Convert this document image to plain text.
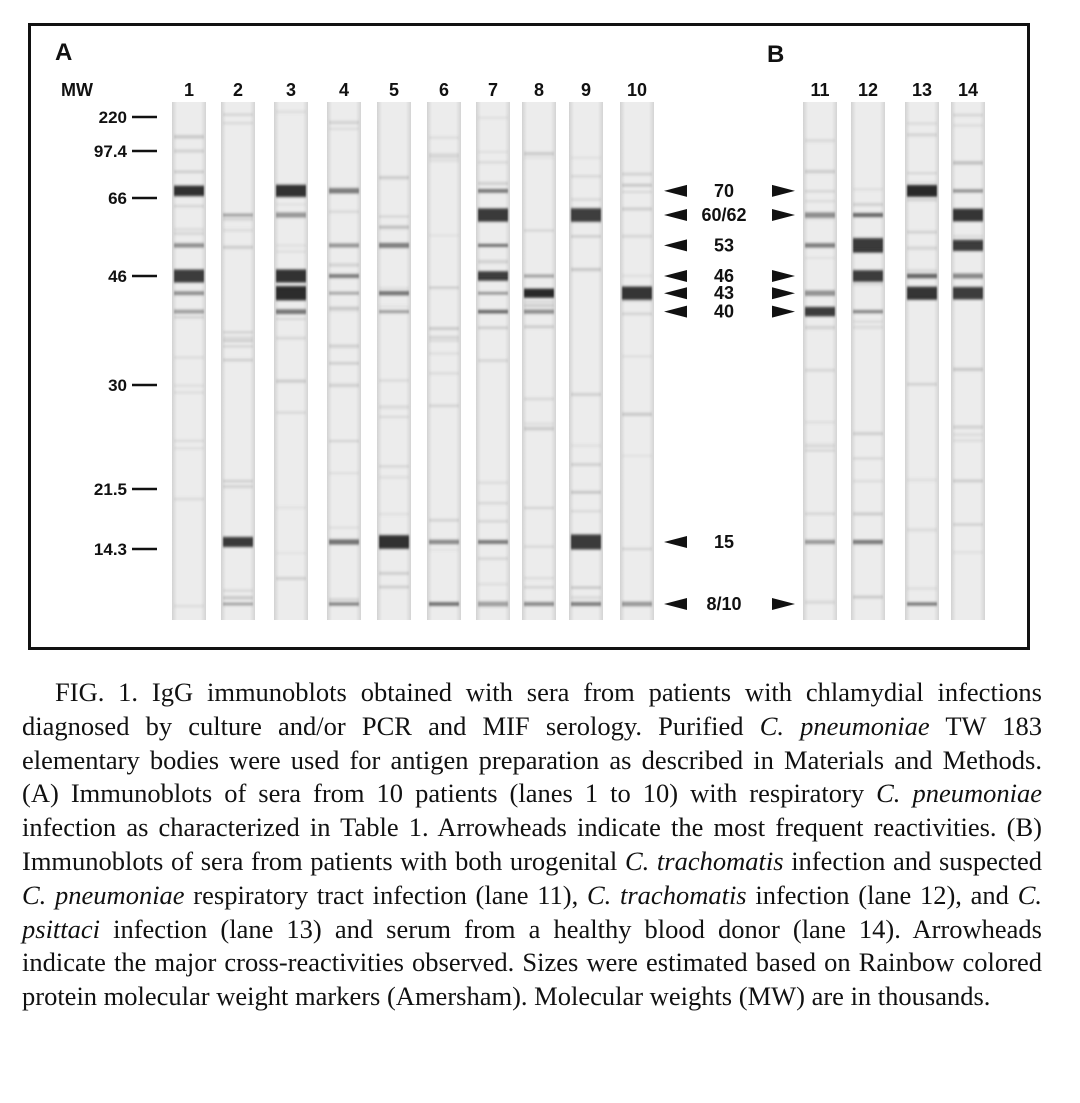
A	B
MW	1 2 3 4 5 6 7 8 9 10	11 12 13 14
220
97.4
66
46
30
21.5
14.3
70
60/62
53
46
43
40
15
8/10

FIG. 1. IgG immunoblots obtained with sera from patients with chlamydial infections diagnosed by culture and/or PCR and MIF serology. Purified C. pneumoniae TW 183 elementary bodies were used for antigen preparation as described in Materials and Methods. (A) Immunoblots of sera from 10 patients (lanes 1 to 10) with respiratory C. pneumoniae infection as characterized in Table 1. Arrowheads indicate the most frequent reactivities. (B) Immunoblots of sera from patients with both urogenital C. trachomatis infection and suspected C. pneumoniae respiratory tract infection (lane 11), C. trachomatis infection (lane 12), and C. psittaci infection (lane 13) and serum from a healthy blood donor (lane 14). Arrowheads indicate the major cross-reactivities observed. Sizes were estimated based on Rainbow colored protein molecular weight markers (Amersham). Molecular weights (MW) are in thousands.
